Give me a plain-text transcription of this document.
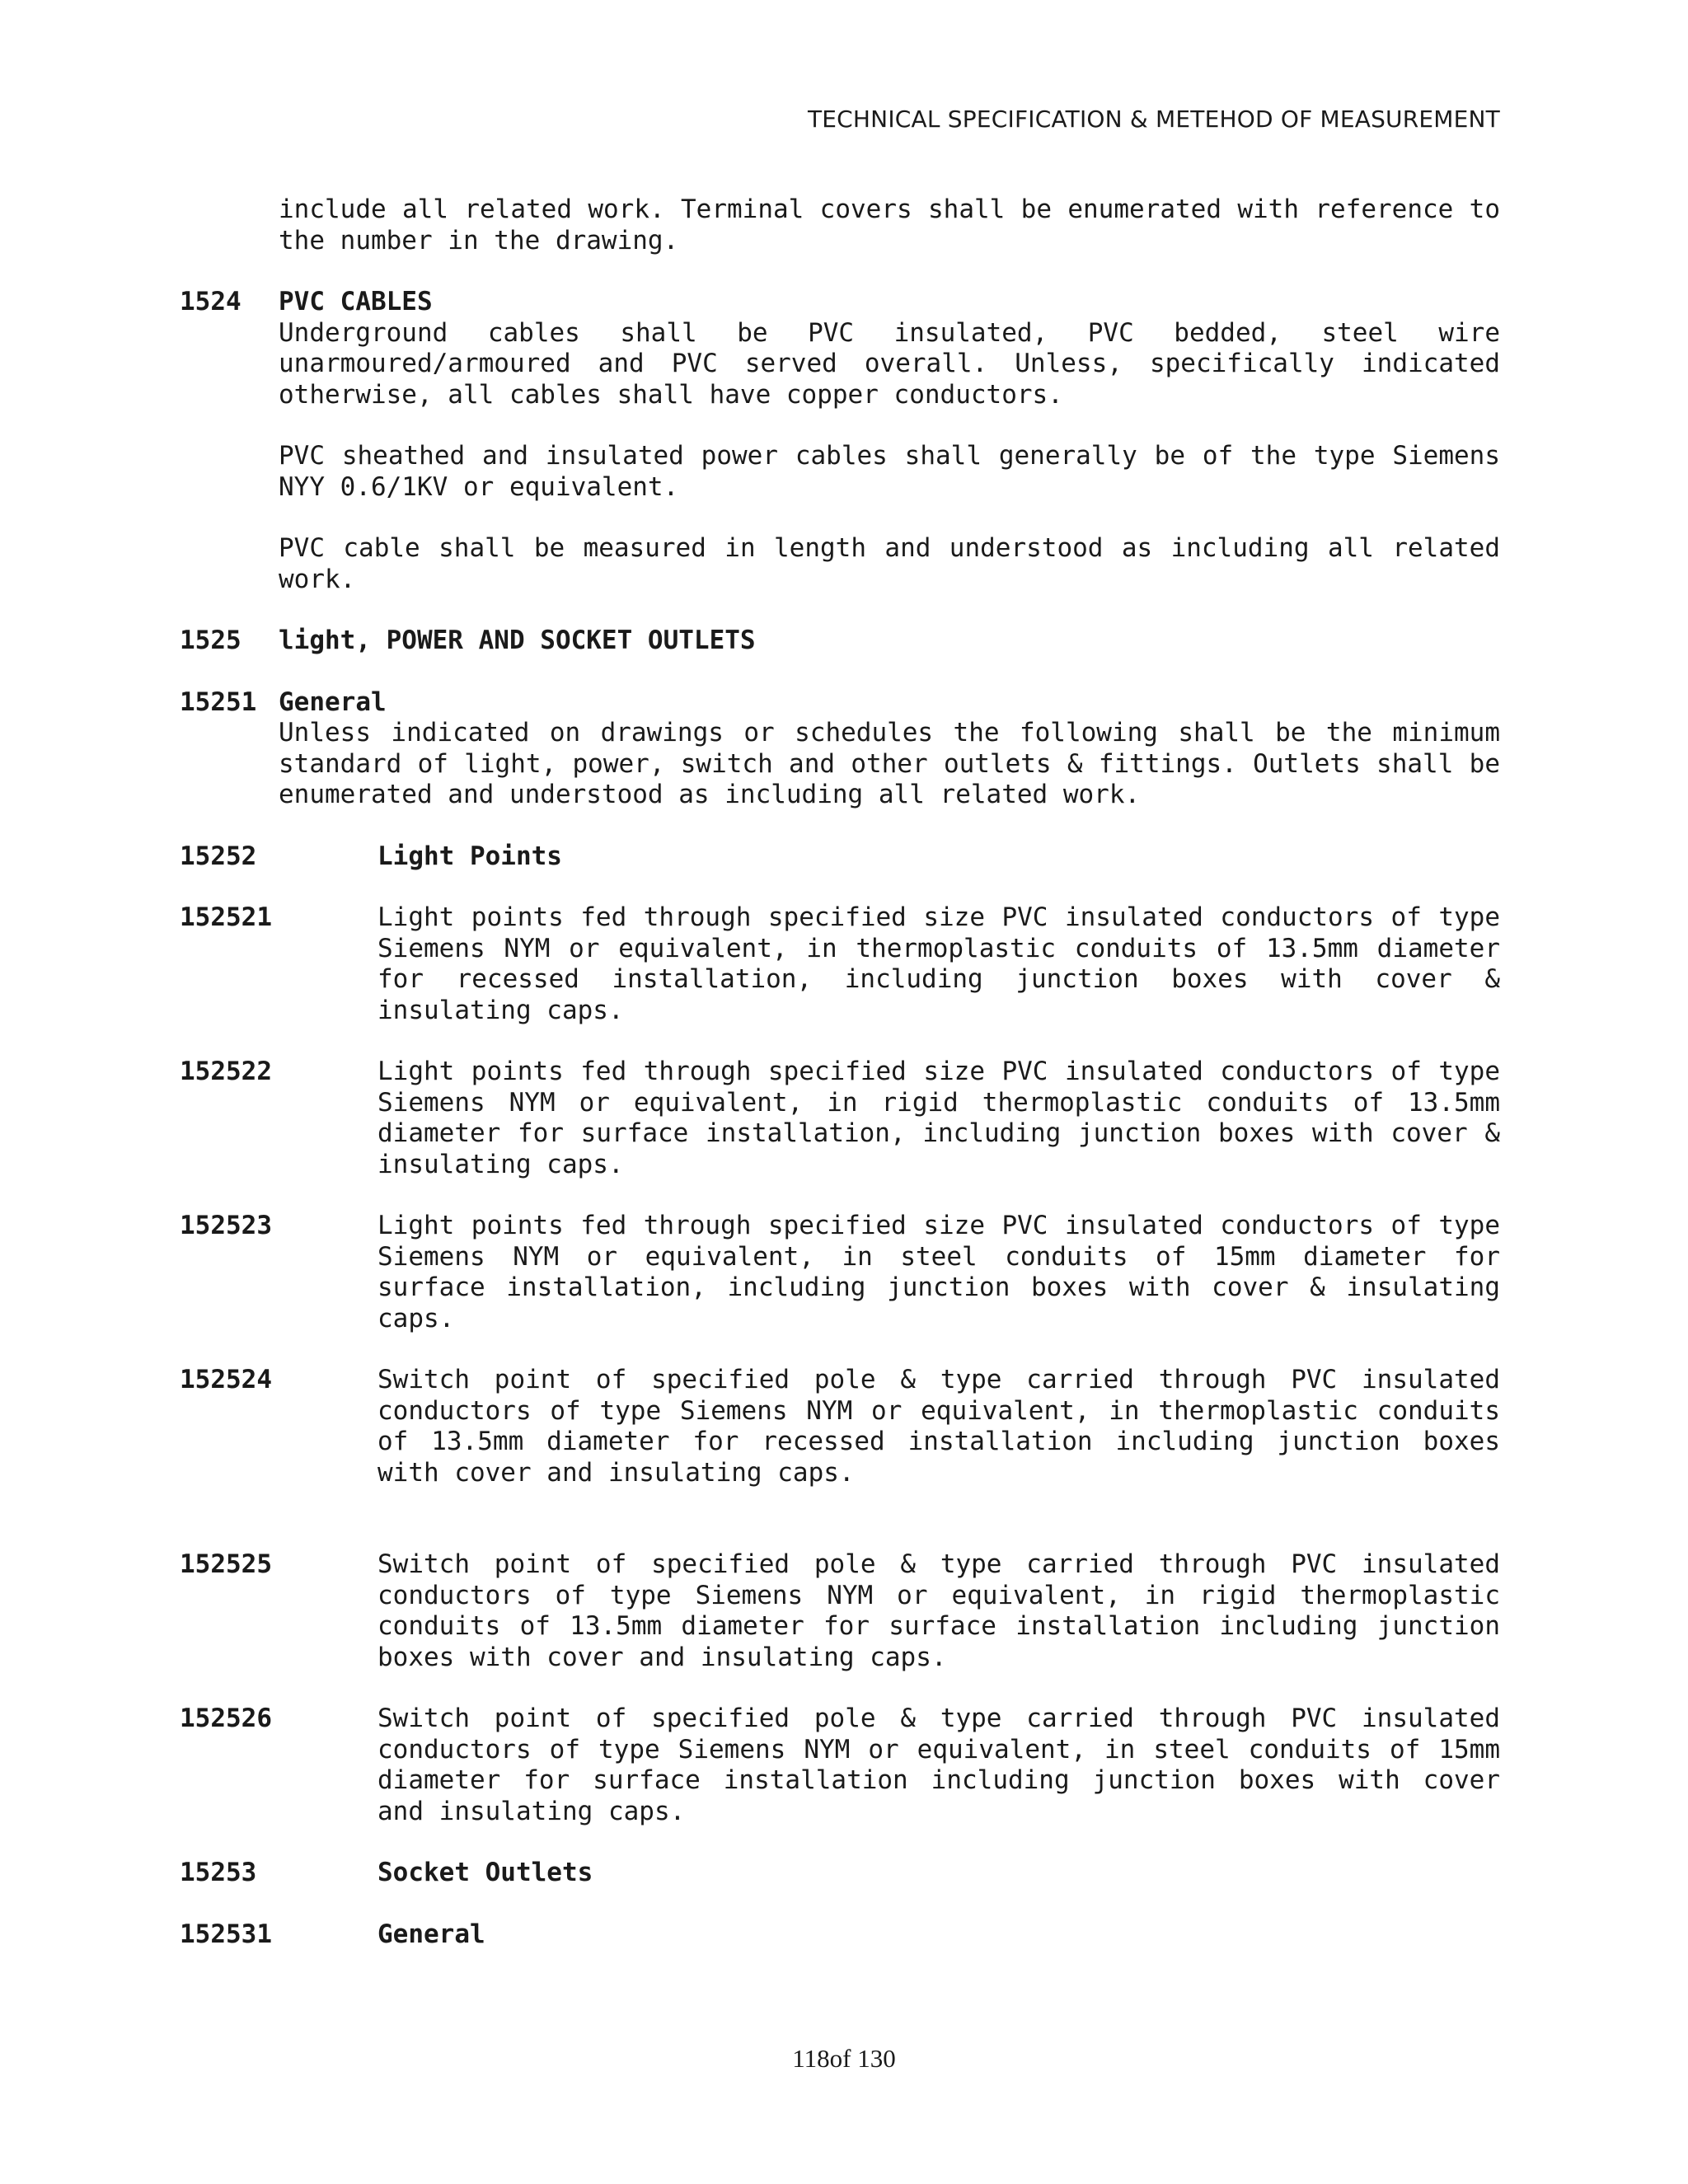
TECHNICAL SPECIFICATION & METEHOD OF MEASUREMENT
include all related work. Terminal covers shall be enumerated with reference to the number in the drawing.
1524 PVC CABLES
Underground cables shall be PVC insulated, PVC bedded, steel wire unarmoured/armoured and PVC served overall. Unless, specifically indicated otherwise, all cables shall have copper conductors.
PVC sheathed and insulated power cables shall generally be of the type Siemens NYY 0.6/1KV or equivalent.
PVC cable shall be measured in length and understood as including all related work.
1525 light, POWER AND SOCKET OUTLETS
15251 General
Unless indicated on drawings or schedules the following shall be the minimum standard of light, power, switch and other outlets & fittings. Outlets shall be enumerated and understood as including all related work.
15252	Light Points
152521	Light points fed through specified size PVC insulated conductors of type Siemens NYM or equivalent, in thermoplastic conduits of 13.5mm diameter for recessed installation, including junction boxes with cover & insulating caps.
152522	Light points fed through specified size PVC insulated conductors of type Siemens NYM or equivalent, in rigid thermoplastic conduits of 13.5mm diameter for surface installation, including junction boxes with cover & insulating caps.
152523	Light points fed through specified size PVC insulated conductors of type Siemens NYM or equivalent, in steel conduits of 15mm diameter for surface installation, including junction boxes with cover & insulating caps.
152524	Switch point of specified pole & type carried through PVC insulated conductors of type Siemens NYM or equivalent, in thermoplastic conduits of 13.5mm diameter for recessed installation including junction boxes with cover and insulating caps.
152525	Switch point of specified pole & type carried through PVC insulated conductors of type Siemens NYM or equivalent, in rigid thermoplastic conduits of 13.5mm diameter for surface installation including junction boxes with cover and insulating caps.
152526	Switch point of specified pole & type carried through PVC insulated conductors of type Siemens NYM or equivalent, in steel conduits of 15mm diameter for surface installation including junction boxes with cover and insulating caps.
15253	Socket Outlets
152531	General
118of 130
